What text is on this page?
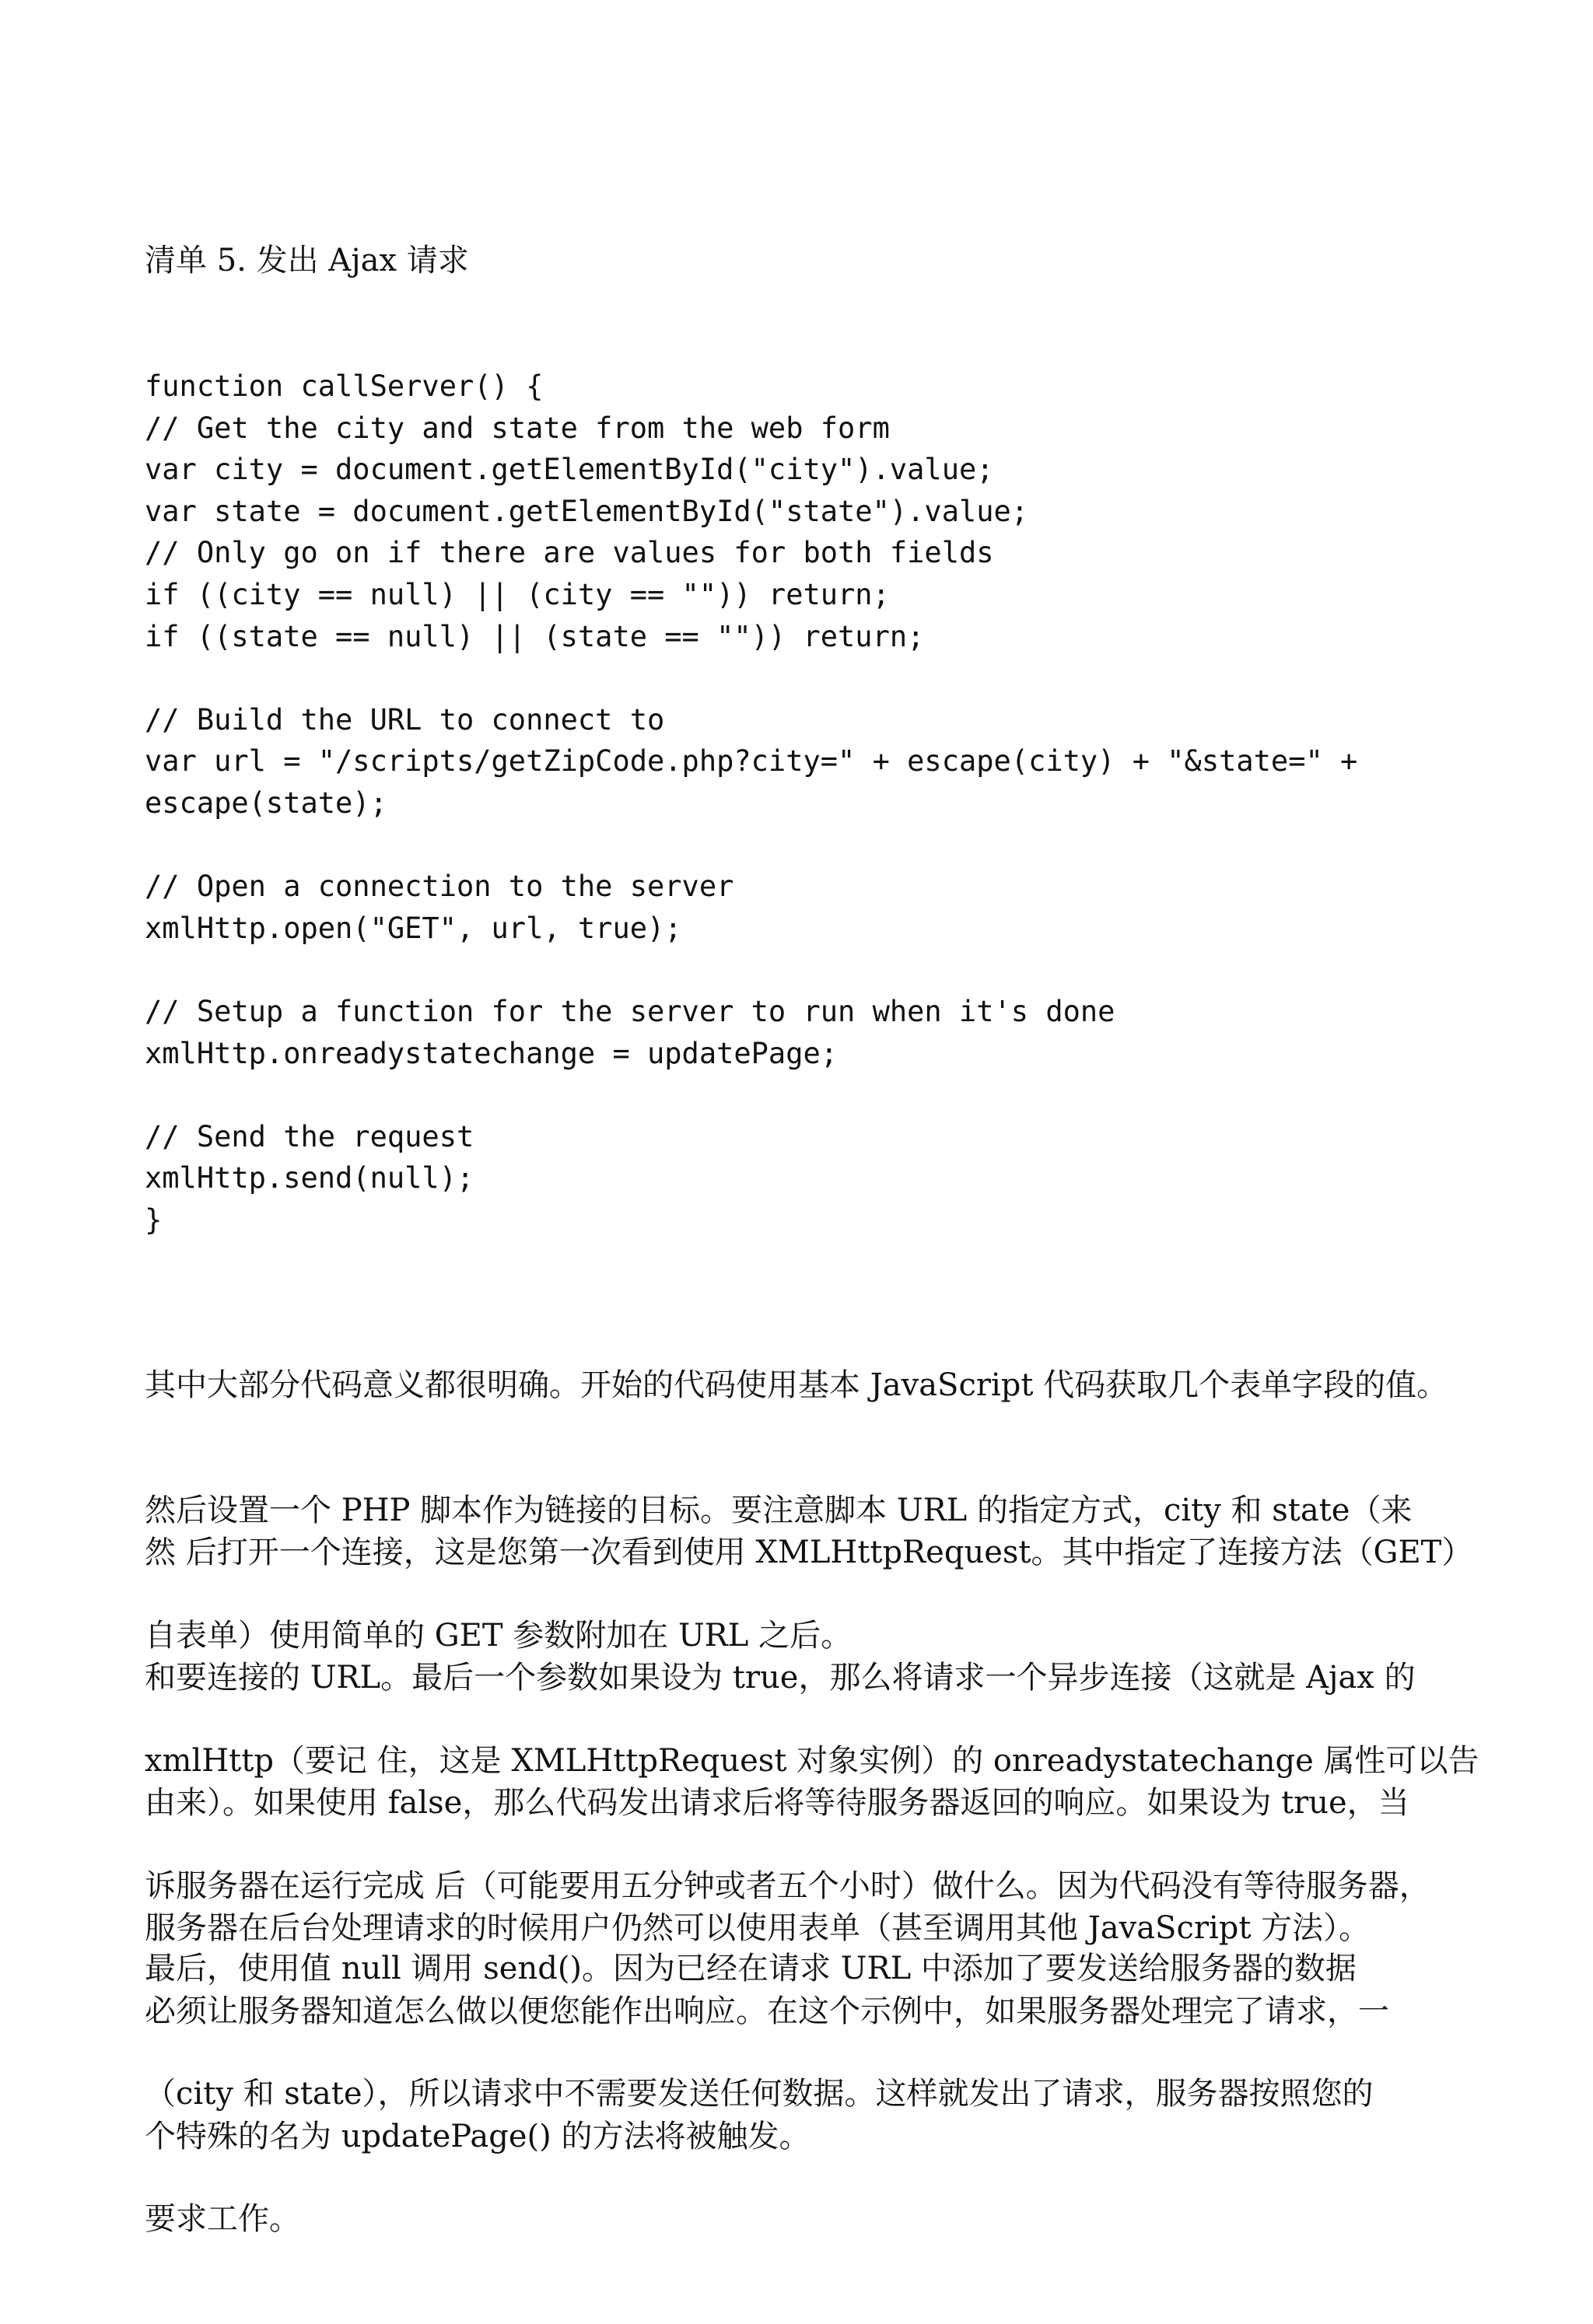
清单 5. 发出 Ajax 请求
function callServer() {
// Get the city and state from the web form
var city = document.getElementById("city").value;
var state = document.getElementById("state").value;
// Only go on if there are values for both fields
if ((city == null) || (city == "")) return;
if ((state == null) || (state == "")) return;
// Build the URL to connect to
var url = "/scripts/getZipCode.php?city=" + escape(city) + "&state=" +
escape(state);
// Open a connection to the server
xmlHttp.open("GET", url, true);
// Setup a function for the server to run when it's done
xmlHttp.onreadystatechange = updatePage;
// Send the request
xmlHttp.send(null);
}

其中大部分代码意义都很明确。开始的代码使用基本 JavaScript 代码获取几个表单字段的值。

然后设置一个 PHP 脚本作为链接的目标。要注意脚本 URL 的指定方式，city 和 state（来

自表单）使用简单的 GET 参数附加在 URL 之后。

然 后打开一个连接，这是您第一次看到使用 XMLHttpRequest。其中指定了连接方法（GET）

和要连接的 URL。最后一个参数如果设为 true，那么将请求一个异步连接（这就是 Ajax 的

由来）。如果使用 false，那么代码发出请求后将等待服务器返回的响应。如果设为 true，当

服务器在后台处理请求的时候用户仍然可以使用表单（甚至调用其他 JavaScript 方法）。

xmlHttp（要记 住，这是 XMLHttpRequest 对象实例）的 onreadystatechange 属性可以告

诉服务器在运行完成 后（可能要用五分钟或者五个小时）做什么。因为代码没有等待服务器，

必须让服务器知道怎么做以便您能作出响应。在这个示例中，如果服务器处理完了请求，一

个特殊的名为 updatePage() 的方法将被触发。

最后，使用值 null 调用 send()。因为已经在请求 URL 中添加了要发送给服务器的数据

（city 和 state），所以请求中不需要发送任何数据。这样就发出了请求，服务器按照您的

要求工作。
